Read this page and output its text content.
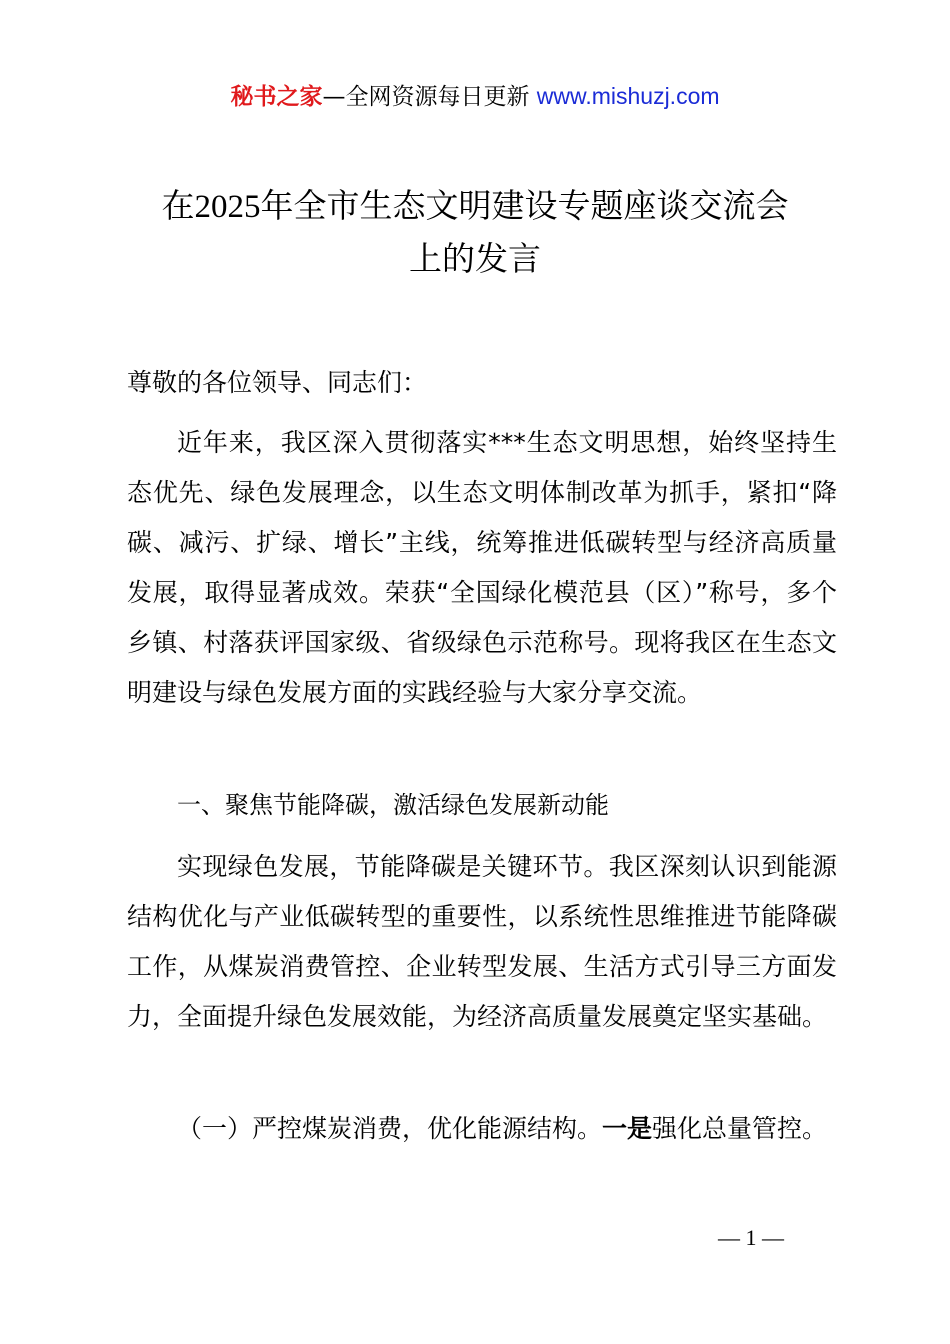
秘书之家—全网资源每日更新 www.mishuzj.com
在2025年全市生态文明建设专题座谈交流会
上的发言
尊敬的各位领导、同志们：
近年来，我区深入贯彻落实***生态文明思想，始终坚持生态优先、绿色发展理念，以生态文明体制改革为抓手，紧扣“降碳、减污、扩绿、增长”主线，统筹推进低碳转型与经济高质量发展，取得显著成效。荣获“全国绿化模范县（区）”称号，多个乡镇、村落获评国家级、省级绿色示范称号。现将我区在生态文明建设与绿色发展方面的实践经验与大家分享交流。
一、聚焦节能降碳，激活绿色发展新动能
实现绿色发展，节能降碳是关键环节。我区深刻认识到能源结构优化与产业低碳转型的重要性，以系统性思维推进节能降碳工作，从煤炭消费管控、企业转型发展、生活方式引导三方面发力，全面提升绿色发展效能，为经济高质量发展奠定坚实基础。
（一）严控煤炭消费，优化能源结构。一是强化总量管控。
— 1 —
